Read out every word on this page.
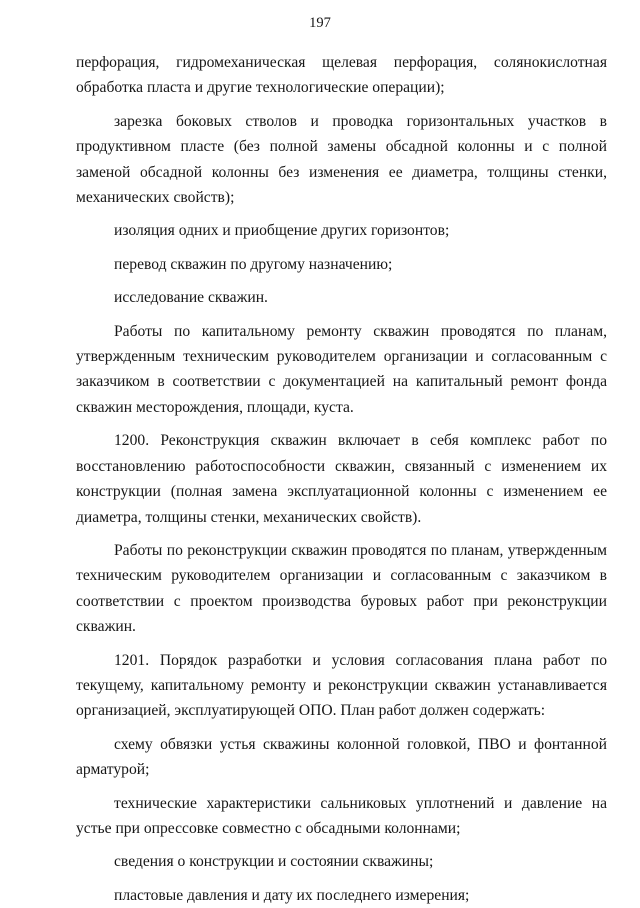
197

перфорация, гидромеханическая щелевая перфорация, солянокислотная обработка пласта и другие технологические операции);

зарезка боковых стволов и проводка горизонтальных участков в продуктивном пласте (без полной замены обсадной колонны и с полной заменой обсадной колонны без изменения ее диаметра, толщины стенки, механических свойств);

изоляция одних и приобщение других горизонтов;

перевод скважин по другому назначению;

исследование скважин.

Работы по капитальному ремонту скважин проводятся по планам, утвержденным техническим руководителем организации и согласованным с заказчиком в соответствии с документацией на капитальный ремонт фонда скважин месторождения, площади, куста.

1200. Реконструкция скважин включает в себя комплекс работ по восстановлению работоспособности скважин, связанный с изменением их конструкции (полная замена эксплуатационной колонны с изменением ее диаметра, толщины стенки, механических свойств).

Работы по реконструкции скважин проводятся по планам, утвержденным техническим руководителем организации и согласованным с заказчиком в соответствии с проектом производства буровых работ при реконструкции скважин.

1201. Порядок разработки и условия согласования плана работ по текущему, капитальному ремонту и реконструкции скважин устанавливается организацией, эксплуатирующей ОПО. План работ должен содержать:

схему обвязки устья скважины колонной головкой, ПВО и фонтанной арматурой;

технические характеристики сальниковых уплотнений и давление на устье при опрессовке совместно с обсадными колоннами;

сведения о конструкции и состоянии скважины;

пластовые давления и дату их последнего измерения;
